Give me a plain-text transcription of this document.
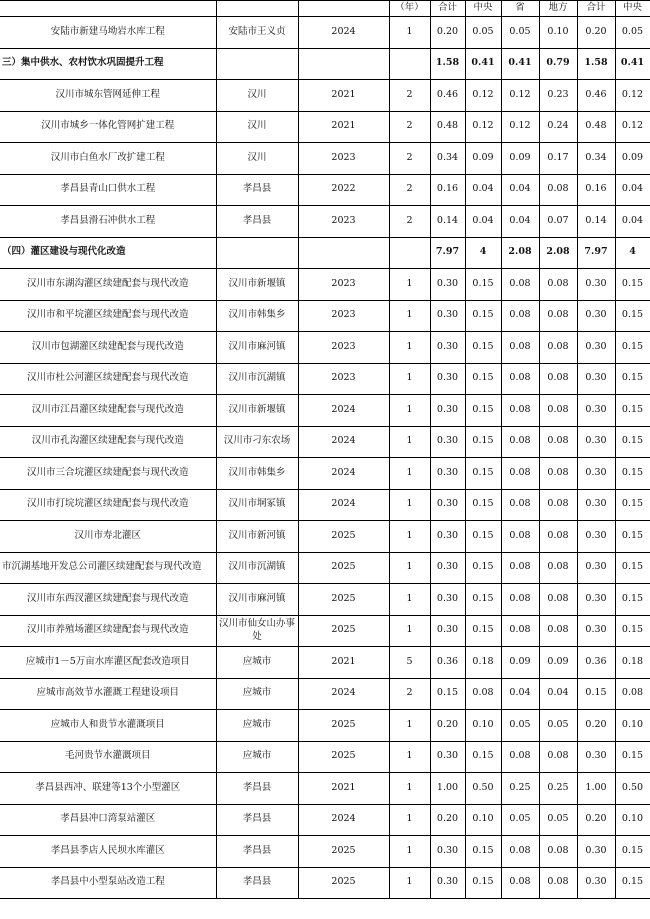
			（年）	合计	中央	省	地方	合计	中央
安陆市新建马坳岩水库工程	安陆市王义贞	2024	1	0.20	0.05	0.05	0.10	0.20	0.05
三）集中供水、农村饮水巩固提升工程				1.58	0.41	0.41	0.79	1.58	0.41
汉川市城东管网延伸工程	汉川	2021	2	0.46	0.12	0.12	0.23	0.46	0.12
汉川市城乡一体化管网扩建工程	汉川	2021	2	0.48	0.12	0.12	0.24	0.48	0.12
汉川市白鱼水厂改扩建工程	汉川	2023	2	0.34	0.09	0.09	0.17	0.34	0.09
孝昌县青山口供水工程	孝昌县	2022	2	0.16	0.04	0.04	0.08	0.16	0.04
孝昌县滑石冲供水工程	孝昌县	2023	2	0.14	0.04	0.04	0.07	0.14	0.04
（四）灌区建设与现代化改造				7.97	4	2.08	2.08	7.97	4
汉川市东湖沟灌区续建配套与现代改造	汉川市新堰镇	2023	1	0.30	0.15	0.08	0.08	0.30	0.15
汉川市和平垸灌区续建配套与现代改造	汉川市韩集乡	2023	1	0.30	0.15	0.08	0.08	0.30	0.15
汉川市包湖灌区续建配套与现代改造	汉川市麻河镇	2023	1	0.30	0.15	0.08	0.08	0.30	0.15
汉川市杜公河灌区续建配套与现代改造	汉川市沉湖镇	2023	1	0.30	0.15	0.08	0.08	0.30	0.15
汉川市江昌灌区续建配套与现代改造	汉川市新堰镇	2024	1	0.30	0.15	0.08	0.08	0.30	0.15
汉川市孔沟灌区续建配套与现代改造	汉川市刁东农场	2024	1	0.30	0.15	0.08	0.08	0.30	0.15
汉川市三合垸灌区续建配套与现代改造	汉川市韩集乡	2024	1	0.30	0.15	0.08	0.08	0.30	0.15
汉川市打垸垸灌区续建配套与现代改造	汉川市垌冢镇	2024	1	0.30	0.15	0.08	0.08	0.30	0.15
汉川市寿北灌区	汉川市新河镇	2025	1	0.30	0.15	0.08	0.08	0.30	0.15
市沉湖基地开发总公司灌区续建配套与现代改造	汉川市沉湖镇	2025	1	0.30	0.15	0.08	0.08	0.30	0.15
汉川市东西汊灌区续建配套与现代改造	汉川市麻河镇	2025	1	0.30	0.15	0.08	0.08	0.30	0.15
汉川市养殖场灌区续建配套与现代改造	汉川市仙女山办事处	2025	1	0.30	0.15	0.08	0.08	0.30	0.15
应城市1－5万亩水库灌区配套改造项目	应城市	2021	5	0.36	0.18	0.09	0.09	0.36	0.18
应城市高效节水灌溉工程建设项目	应城市	2024	2	0.15	0.08	0.04	0.04	0.15	0.08
应城市人和贵节水灌溉项目	应城市	2025	1	0.20	0.10	0.05	0.05	0.20	0.10
毛河贵节水灌溉项目	应城市	2025	1	0.30	0.15	0.08	0.08	0.30	0.15
孝昌县西冲、联建等13个小型灌区	孝昌县	2021	1	1.00	0.50	0.25	0.25	1.00	0.50
孝昌县冲口湾泵站灌区	孝昌县	2024	1	0.20	0.10	0.05	0.05	0.20	0.10
孝昌县季店人民坝水库灌区	孝昌县	2025	1	0.30	0.15	0.08	0.08	0.30	0.15
孝昌县中小型泵站改造工程	孝昌县	2025	1	0.30	0.15	0.08	0.08	0.30	0.15
